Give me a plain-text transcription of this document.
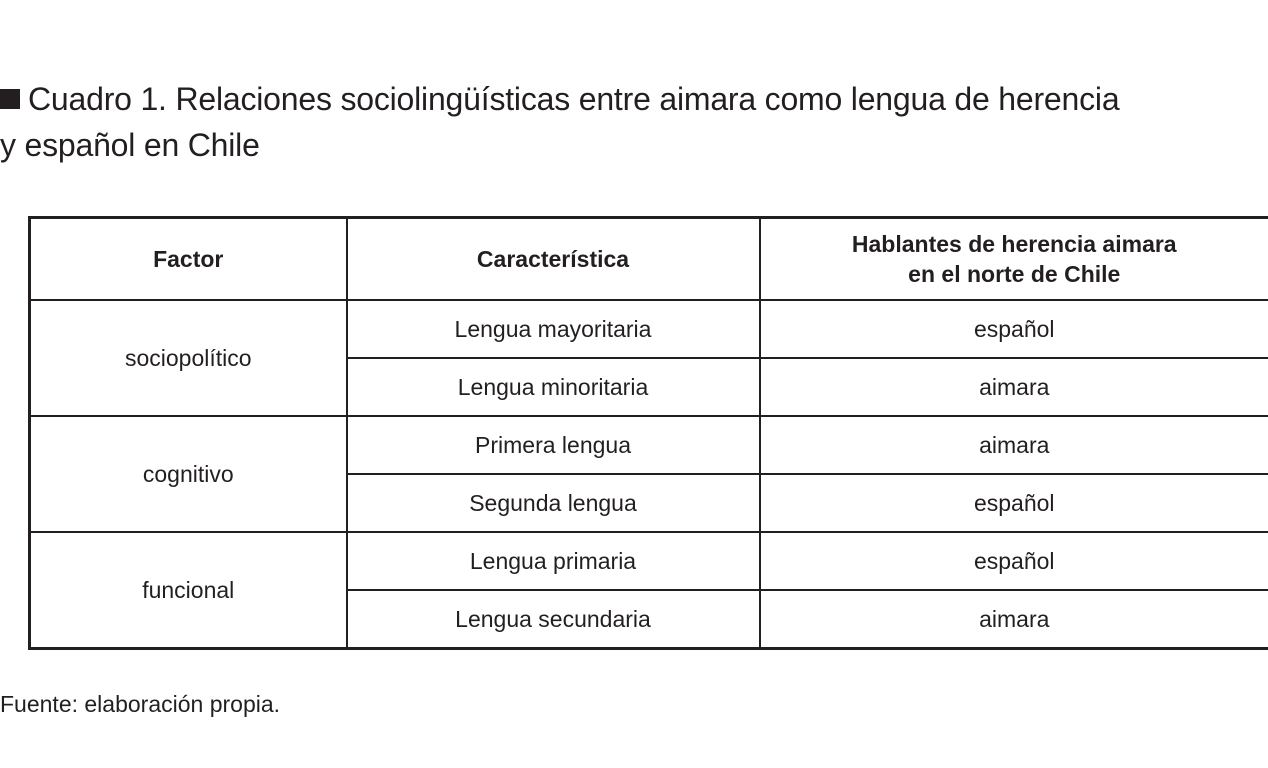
Cuadro 1. Relaciones sociolingüísticas entre aimara como lengua de herencia
y español en Chile
Factor	Característica	Hablantes de herencia aimara
en el norte de Chile

sociopolítico	Lengua mayoritaria	español
	Lengua minoritaria	aimara
cognitivo	Primera lengua	aimara
	Segunda lengua	español
funcional	Lengua primaria	español
	Lengua secundaria	aimara
Fuente: elaboración propia.
